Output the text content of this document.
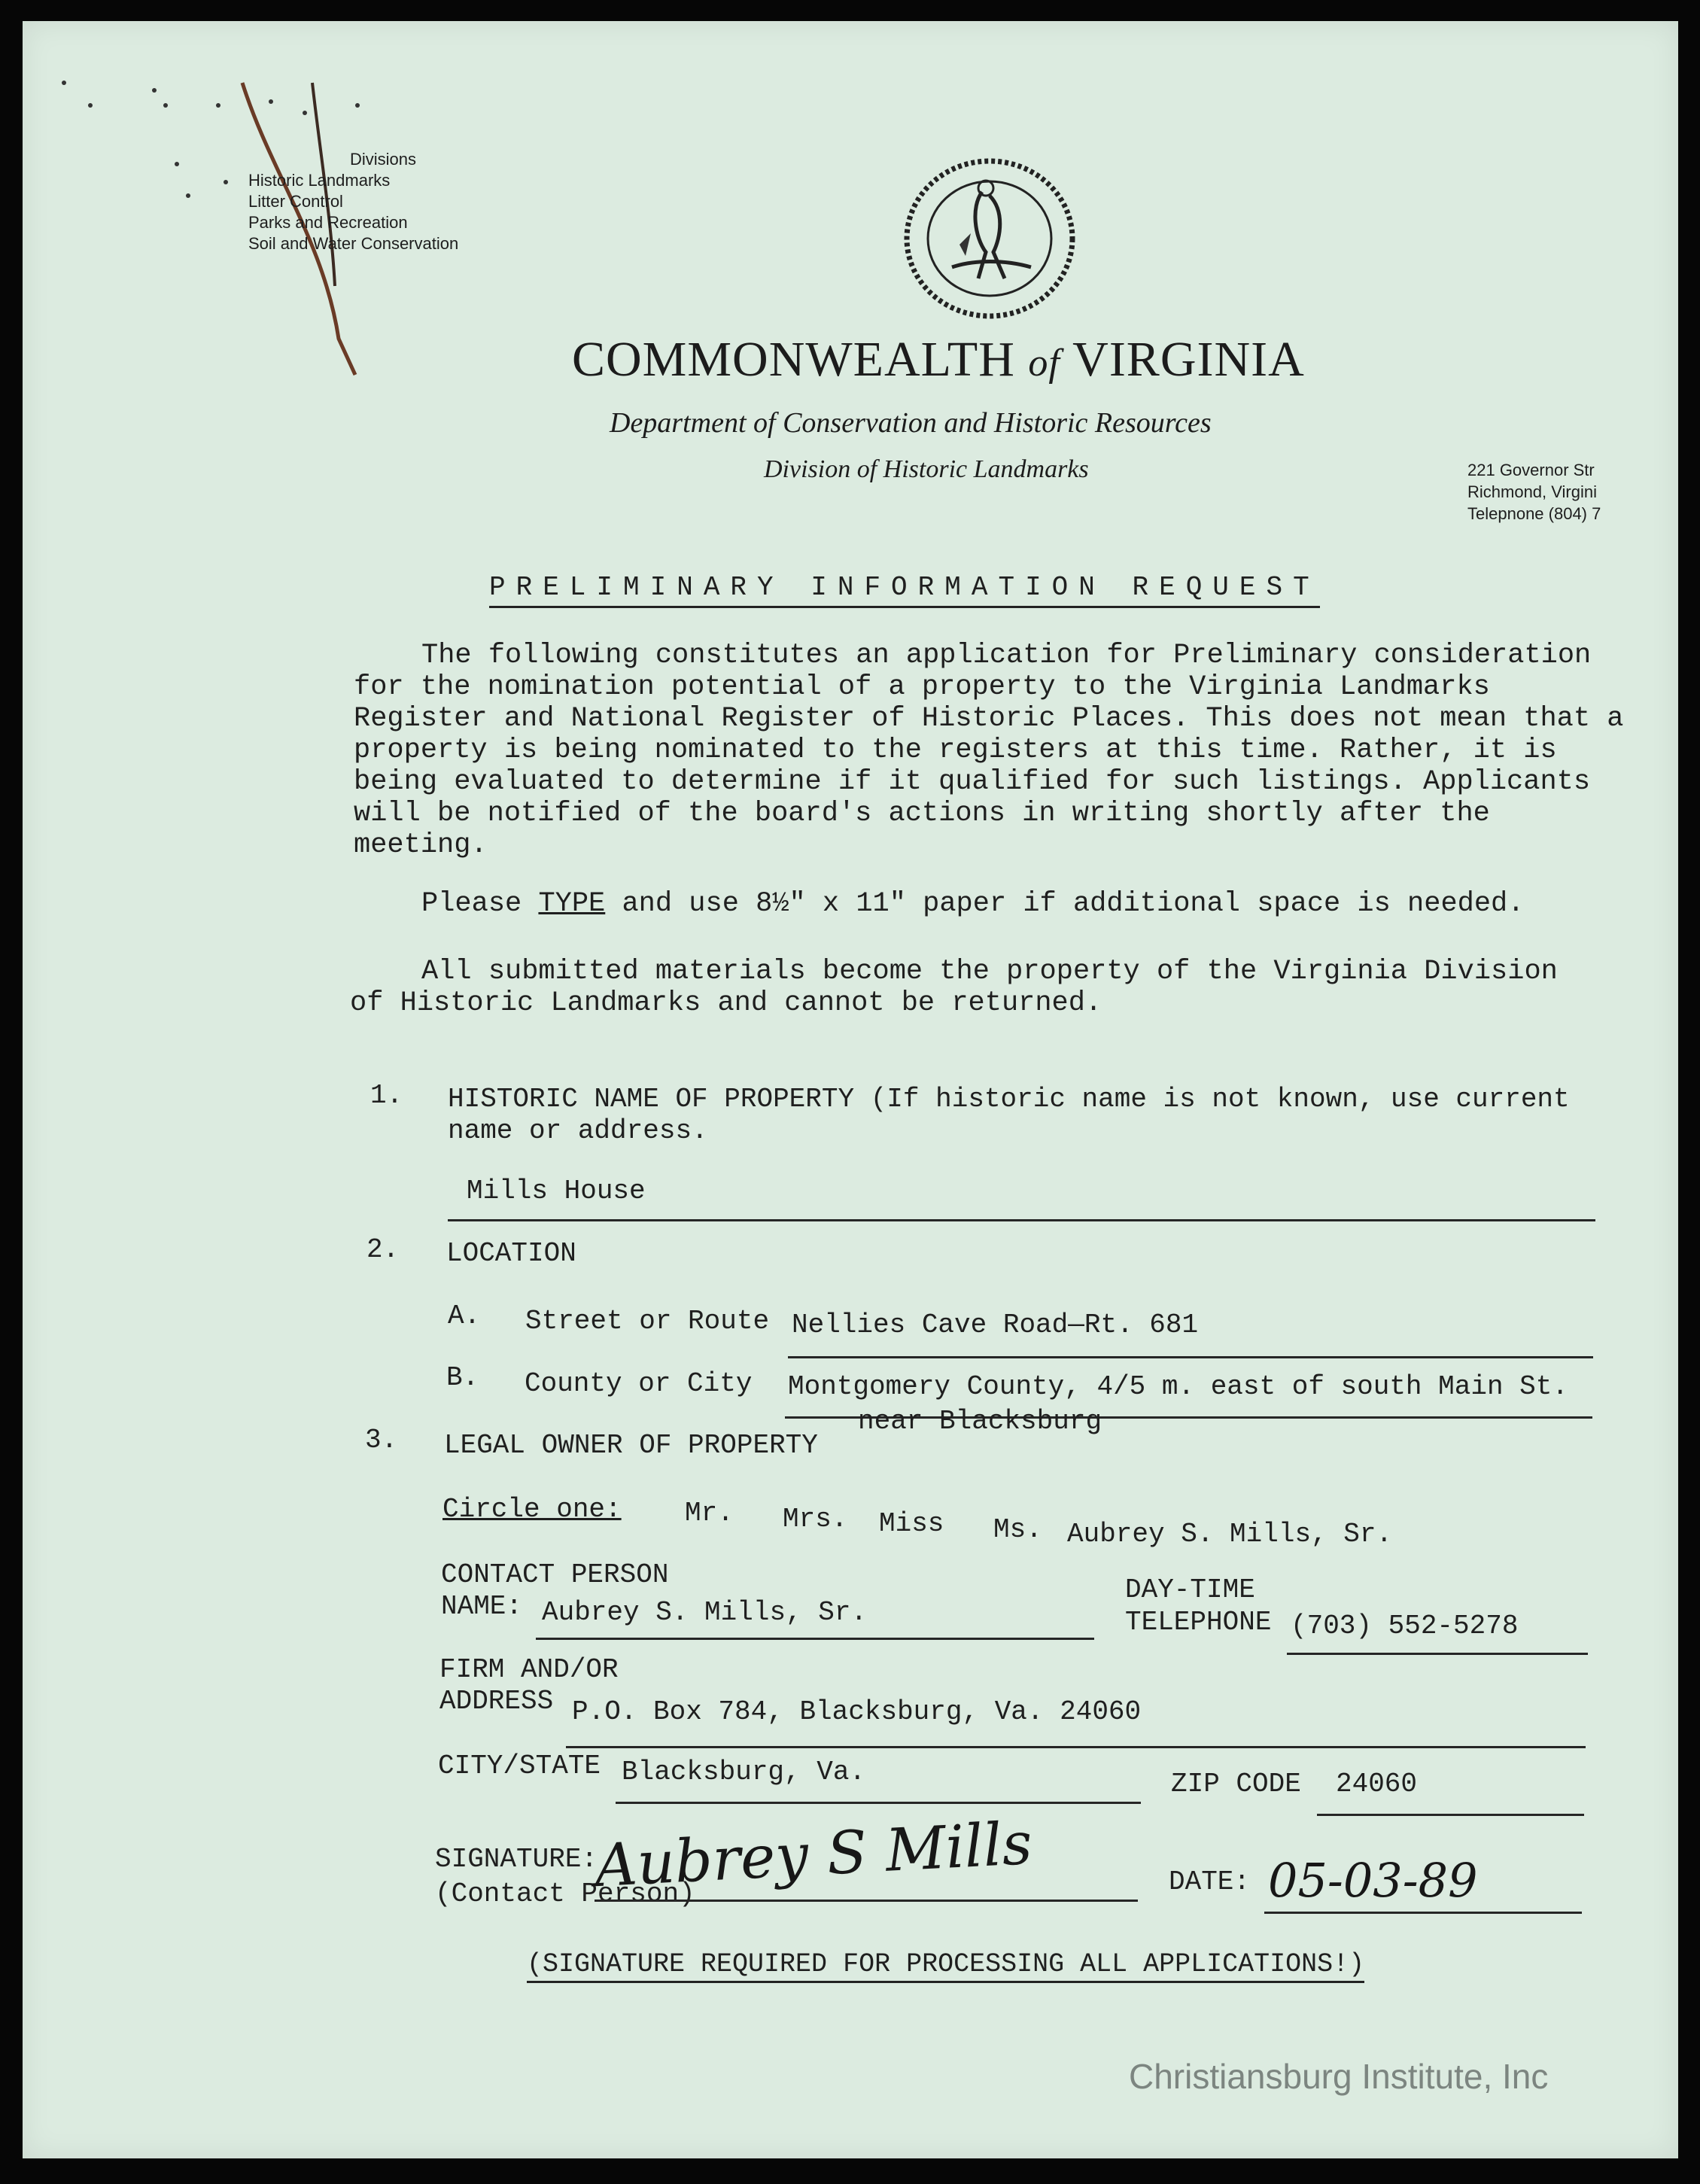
Divisions
Historic Landmarks
Litter Control
Parks and Recreation
Soil and Water Conservation
COMMONWEALTH of VIRGINIA
Department of Conservation and Historic Resources
Division of Historic Landmarks	221 Governor Str
Richmond, Virgini
Telepnone (804) 7
PRELIMINARY INFORMATION REQUEST
The following constitutes an application for Preliminary consideration for the nomination potential of a property to the Virginia Landmarks Register and National Register of Historic Places. This does not mean that a property is being nominated to the registers at this time. Rather, it is being evaluated to determine if it qualified for such listings. Applicants will be notified of the board's actions in writing shortly after the meeting.
Please TYPE and use 8½" x 11" paper if additional space is needed.
All submitted materials become the property of the Virginia Division of Historic Landmarks and cannot be returned.
1. HISTORIC NAME OF PROPERTY (If historic name is not known, use current
name or address.
Mills House
2. LOCATION
A. Street or Route Nellies Cave Road—Rt. 681
B. County or City Montgomery County, 4/5 m. east of south Main St.
near Blacksburg
3. LEGAL OWNER OF PROPERTY
Circle one: Mr. Mrs. Miss Ms. Aubrey S. Mills, Sr.
CONTACT PERSON
NAME: Aubrey S. Mills, Sr.
DAY-TIME
TELEPHONE (703) 552-5278
FIRM AND/OR
ADDRESS P.O. Box 784, Blacksburg, Va. 24060
CITY/STATE Blacksburg, Va.	ZIP CODE 24060
SIGNATURE:
(Contact Person)
Aubrey S Mills	DATE: 05-03-89
(SIGNATURE REQUIRED FOR PROCESSING ALL APPLICATIONS!)
Christiansburg Institute, Inc
